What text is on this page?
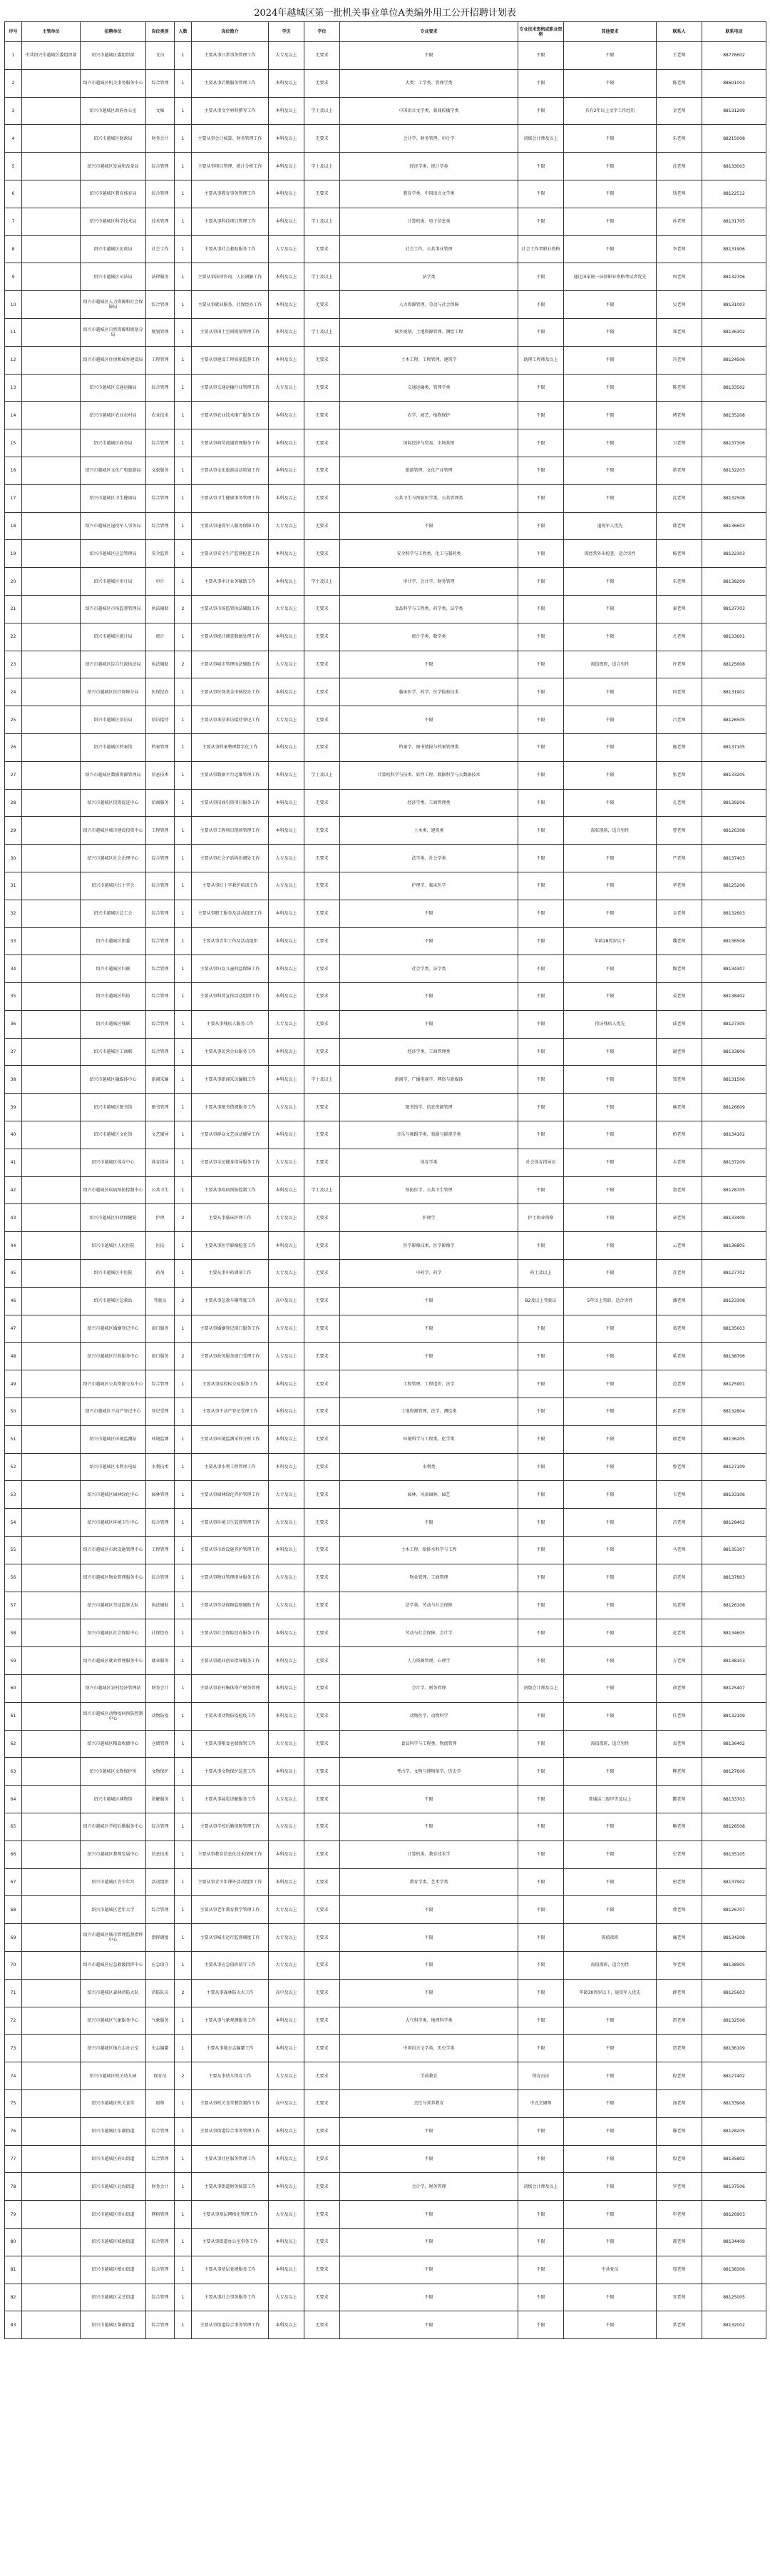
2024年越城区第一批机关事业单位A类编外用工公开招聘计划表
序号	主管单位	招聘单位	岗位类别	人数	岗位简介	学历	学位	专业要求	专业技术资格或职业资格	其他要求	联系人	联系电话
1	中共绍兴市越城区委组织部	绍兴市越城区委组织部	文员	1	主要从事日常事务管理工作	大专及以上	无要求	不限	不限	不限	王老师	88776602
2		绍兴市越城区机关事务服务中心	综合管理	1	主要从事后勤服务管理工作	本科及以上	无要求	大类：工学类、管理学类	不限	不限	陈老师	88601003
3		绍兴市越城区政府办公室	文秘	1	主要从事文字材料撰写工作	本科及以上	学士及以上	中国语言文学类、新闻传播学类	不限	具有2年以上文字工作经历	金老师	88131209
4		绍兴市越城区财政局	财务会计	1	主要从事会计核算、财务管理工作	本科及以上	无要求	会计学、财务管理、审计学	初级会计师及以上	不限	朱老师	88215008
5		绍兴市越城区发展和改革局	综合管理	1	主要从事项目管理、统计分析工作	本科及以上	学士及以上	经济学类、统计学类	不限	不限	沈老师	88133003
6		绍兴市越城区教育体育局	综合管理	1	主要从事教育事务管理工作	本科及以上	无要求	教育学类、中国语言文学类	不限	不限	钱老师	88122512
7		绍兴市越城区科学技术局	技术管理	1	主要从事科技项目管理工作	本科及以上	学士及以上	计算机类、电子信息类	不限	不限	孙老师	88131705
8		绍兴市越城区民政局	社会工作	1	主要从事社会救助服务工作	大专及以上	无要求	社会工作、公共事业管理	社会工作者职业资格	不限	李老师	88131906
9		绍兴市越城区司法局	法律服务	1	主要从事法律咨询、人民调解工作	本科及以上	学士及以上	法学类	不限	通过国家统一法律职业资格考试者优先	周老师	88132706
10		绍兴市越城区人力资源和社会保障局	综合管理	1	主要从事就业服务、社保经办工作	本科及以上	无要求	人力资源管理、劳动与社会保障	不限	不限	吴老师	88131003
11		绍兴市越城区自然资源和规划分局	规划管理	1	主要从事国土空间规划管理工作	本科及以上	学士及以上	城乡规划、土地资源管理、测绘工程	不限	不限	郑老师	88136302
12		绍兴市越城区住房和城乡建设局	工程管理	1	主要从事建设工程质量监督工作	本科及以上	无要求	土木工程、工程管理、建筑学	助理工程师及以上	不限	冯老师	88124506
13		绍兴市越城区交通运输局	综合管理	1	主要从事交通运输行业管理工作	大专及以上	无要求	交通运输类、管理学类	不限	不限	陈老师	88133502
14		绍兴市越城区农业农村局	农业技术	1	主要从事农业技术推广服务工作	本科及以上	无要求	农学、园艺、植物保护	不限	不限	褚老师	88135208
15		绍兴市越城区商务局	综合管理	1	主要从事商贸流通管理服务工作	本科及以上	无要求	国际经济与贸易、市场营销	不限	不限	卫老师	88137306
16		绍兴市越城区文化广电旅游局	文旅服务	1	主要从事文化旅游活动策划工作	本科及以上	无要求	旅游管理、文化产业管理	不限	不限	蒋老师	88132203
17		绍兴市越城区卫生健康局	综合管理	1	主要从事卫生健康事务管理工作	本科及以上	无要求	公共卫生与预防医学类、公共管理类	不限	不限	沈老师	88132508
18		绍兴市越城区退役军人事务局	综合管理	1	主要从事退役军人服务保障工作	大专及以上	无要求	不限	不限	退役军人优先	韩老师	88136603
19		绍兴市越城区应急管理局	安全监管	1	主要从事安全生产监督检查工作	本科及以上	无要求	安全科学与工程类、化工与制药类	不限	需经常外出检查，适合男性	杨老师	88122303
20		绍兴市越城区审计局	审计	1	主要从事审计业务辅助工作	本科及以上	学士及以上	审计学、会计学、财务管理	不限	不限	朱老师	88138209
21		绍兴市越城区市场监督管理局	执法辅助	2	主要从事市场监管执法辅助工作	大专及以上	无要求	食品科学与工程类、药学类、法学类	不限	不限	秦老师	88137703
22		绍兴市越城区统计局	统计	1	主要从事统计调查数据处理工作	本科及以上	无要求	统计学类、数学类	不限	不限	尤老师	88133601
23		绍兴市越城区综合行政执法局	执法辅助	2	主要从事城市管理执法辅助工作	大专及以上	无要求	不限	不限	需值夜班，适合男性	许老师	88125608
24		绍兴市越城区医疗保障分局	医保经办	1	主要从事医保基金审核经办工作	本科及以上	无要求	临床医学、药学、医学检验技术	不限	不限	何老师	88131902
25		绍兴市越城区信访局	信访接待	1	主要从事来信来访接待登记工作	大专及以上	无要求	不限	不限	不限	吕老师	88126505
26		绍兴市越城区档案馆	档案管理	1	主要从事档案整理数字化工作	本科及以上	无要求	档案学、图书情报与档案管理类	不限	不限	施老师	88137105
27		绍兴市越城区数据资源管理局	信息技术	1	主要从事数据平台运维管理工作	本科及以上	学士及以上	计算机科学与技术、软件工程、数据科学与大数据技术	不限	不限	张老师	88133205
28		绍兴市越城区投资促进中心	招商服务	1	主要从事招商引资项目服务工作	本科及以上	无要求	经济学类、工商管理类	不限	不限	孔老师	88139206
29		绍兴市越城区城市建设投资中心	工程管理	1	主要从事工程项目现场管理工作	本科及以上	无要求	土木类、建筑类	不限	需驻现场，适合男性	曹老师	88126308
30		绍兴市越城区社会治理中心	综合管理	1	主要从事社会矛盾纠纷调处工作	大专及以上	无要求	法学类、社会学类	不限	不限	严老师	88137403
31		绍兴市越城区红十字会	综合管理	1	主要从事红十字救护培训工作	大专及以上	无要求	护理学、临床医学	不限	不限	华老师	88125206
32		绍兴市越城区总工会	综合管理	1	主要从事职工服务及活动组织工作	本科及以上	无要求	不限	不限	不限	金老师	88132603
33		绍兴市越城区团委	综合管理	1	主要从事青年工作及活动组织	本科及以上	无要求	不限	不限	年龄28周岁以下	魏老师	88136508
34		绍兴市越城区妇联	综合管理	1	主要从事妇女儿童权益保障工作	本科及以上	无要求	社会学类、法学类	不限	不限	陶老师	88134307
35		绍兴市越城区科协	综合管理	1	主要从事科普宣传活动组织工作	本科及以上	无要求	不限	不限	不限	姜老师	88138402
36		绍兴市越城区残联	综合管理	1	主要从事残疾人服务工作	大专及以上	无要求	不限	不限	持证残疾人优先	戚老师	88127305
37		绍兴市越城区工商联	综合管理	1	主要从事民营企业服务工作	本科及以上	无要求	经济学类、工商管理类	不限	不限	谢老师	88133806
38		绍兴市越城区融媒体中心	新闻采编	1	主要从事新闻采访编辑工作	本科及以上	学士及以上	新闻学、广播电视学、网络与新媒体	不限	不限	邹老师	88131506
39		绍兴市越城区图书馆	图书管理	1	主要从事图书借阅服务工作	大专及以上	无要求	图书馆学、信息资源管理	不限	不限	喻老师	88126609
40		绍兴市越城区文化馆	文艺辅导	1	主要从事群众文艺活动辅导工作	本科及以上	无要求	音乐与舞蹈学类、戏剧与影视学类	不限	不限	柏老师	88134102
41		绍兴市越城区体育中心	体育指导	1	主要从事全民健身指导服务工作	大专及以上	无要求	体育学类	社会体育指导员	不限	水老师	88137209
42		绍兴市越城区疾病预防控制中心	公共卫生	1	主要从事疾病预防控制工作	本科及以上	学士及以上	预防医学、公共卫生管理	不限	不限	窦老师	88128705
43		绍兴市越城区妇幼保健院	护理	2	主要从事临床护理工作	大专及以上	无要求	护理学	护士执业资格	不限	章老师	88133409
44		绍兴市越城区人民医院	医技	1	主要从事医学影像检查工作	本科及以上	无要求	医学影像技术、医学影像学	不限	不限	云老师	88136805
45		绍兴市越城区中医院	药剂	1	主要从事中药调剂工作	大专及以上	无要求	中药学、药学	药士及以上	不限	苏老师	88127702
46		绍兴市越城区急救站	驾驶员	2	主要从事急救车辆驾驶工作	高中及以上	无要求	不限	B2及以上驾驶证	5年以上驾龄，适合男性	潘老师	88123308
47		绍兴市越城区婚姻登记中心	窗口服务	1	主要从事婚姻登记窗口服务工作	大专及以上	无要求	不限	不限	不限	葛老师	88135603
48		绍兴市越城区行政服务中心	窗口服务	2	主要从事政务服务窗口受理工作	大专及以上	无要求	不限	不限	不限	奚老师	88138706
49		绍兴市越城区公共资源交易中心	综合管理	1	主要从事招投标交易服务工作	本科及以上	无要求	工程管理、工程造价、法学	不限	不限	范老师	88125901
50		绍兴市越城区不动产登记中心	登记受理	1	主要从事不动产登记受理工作	本科及以上	无要求	土地资源管理、法学、测绘类	不限	不限	彭老师	88132804
51		绍兴市越城区环境监测站	环境监测	1	主要从事环境监测采样分析工作	本科及以上	无要求	环境科学与工程类、化学类	不限	不限	郎老师	88136205
52		绍兴市越城区水利水电站	水利技术	1	主要从事水利工程管理工作	本科及以上	无要求	水利类	不限	不限	鲁老师	88127109
53		绍兴市越城区园林绿化中心	园林管理	1	主要从事园林绿化养护管理工作	大专及以上	无要求	园林、风景园林、园艺	不限	不限	韦老师	88133106
54		绍兴市越城区环境卫生中心	综合管理	1	主要从事环境卫生监督管理工作	大专及以上	无要求	不限	不限	不限	昌老师	88128402
55		绍兴市越城区市政设施管理中心	工程管理	1	主要从事市政设施养护管理工作	本科及以上	无要求	土木工程、给排水科学与工程	不限	不限	马老师	88135307
56		绍兴市越城区物业管理服务中心	综合管理	1	主要从事物业管理指导服务工作	大专及以上	无要求	物业管理、工商管理	不限	不限	苗老师	88137803
57		绍兴市越城区劳动监察大队	执法辅助	1	主要从事劳动保障监察辅助工作	大专及以上	无要求	法学类、劳动与社会保障	不限	不限	凤老师	88126108
58		绍兴市越城区社会保险中心	社保经办	1	主要从事社会保险经办服务工作	本科及以上	无要求	劳动与社会保障、会计学	不限	不限	花老师	88134605
59		绍兴市越城区就业管理服务中心	就业服务	1	主要从事就业创业指导服务工作	本科及以上	无要求	人力资源管理、心理学	不限	不限	方老师	88138103
60		绍兴市越城区农村经济管理站	财务会计	1	主要从事农村集体资产财务管理	本科及以上	无要求	会计学、财务管理	初级会计师及以上	不限	俞老师	88125407
61		绍兴市越城区动物疫病预防控制中心	动物防疫	1	主要从事动物防疫检疫工作	本科及以上	无要求	动物医学、动物科学	不限	不限	任老师	88132109
62		绍兴市越城区粮食收储中心	仓储管理	1	主要从事粮食仓储保管工作	大专及以上	无要求	食品科学与工程类、物流管理	不限	需值夜班，适合男性	袁老师	88136402
63		绍兴市越城区文物保护所	文物保护	1	主要从事文物保护巡查工作	本科及以上	无要求	考古学、文物与博物馆学、历史学	不限	不限	柳老师	88127606
64		绍兴市越城区博物馆	讲解服务	1	主要从事展览讲解服务工作	大专及以上	无要求	不限	不限	普通话二级甲等及以上	酆老师	88133703
65		绍兴市越城区学校后勤服务中心	综合管理	1	主要从事学校后勤保障管理工作	大专及以上	无要求	不限	不限	不限	鲍老师	88128508
66		绍兴市越城区教师发展中心	信息技术	1	主要从事教育信息化技术保障工作	本科及以上	无要求	计算机类、教育技术学	不限	不限	史老师	88135105
67		绍兴市越城区青少年宫	活动组织	1	主要从事青少年课外活动组织工作	本科及以上	无要求	教育学类、艺术学类	不限	不限	唐老师	88137902
68		绍兴市越城区老年大学	综合管理	1	主要从事老年教育教学管理工作	大专及以上	无要求	不限	不限	不限	费老师	88126707
69		绍兴市越城区城市管理监督指挥中心	指挥调度	1	主要从事城市运行监督调度工作	大专及以上	无要求	不限	不限	需值夜班	廉老师	88134208
70		绍兴市越城区应急救援指挥中心	应急值守	1	主要从事应急值班值守工作	大专及以上	无要求	不限	不限	需值夜班，适合男性	岑老师	88138905
71		绍兴市越城区森林消防大队	消防队员	2	主要从事森林防灭火工作	高中及以上	无要求	不限	不限	年龄30周岁以下，退役军人优先	薛老师	88125603
72		绍兴市越城区气象服务中心	气象服务	1	主要从事气象观测服务工作	本科及以上	无要求	大气科学类、地理科学类	不限	不限	雷老师	88132506
73		绍兴市越城区地方志办公室	史志编纂	1	主要从事地方志编纂工作	本科及以上	无要求	中国语言文学类、历史学类	不限	不限	贺老师	88136109
74		绍兴市越城区机关幼儿园	保育员	2	主要从事幼儿保育工作	大专及以上	无要求	学前教育	保育员证	不限	倪老师	88127402
75		绍兴市越城区机关食堂	厨师	1	主要从事机关食堂餐饮制作工作	高中及以上	无要求	烹饪与营养教育	中式烹调师	不限	汤老师	88133908
76		绍兴市越城区东湖街道	综合管理	1	主要从事街道综合事务管理工作	本科及以上	无要求	不限	不限	不限	滕老师	88128205
77		绍兴市越城区府山街道	综合管理	1	主要从事社区服务管理工作	本科及以上	无要求	不限	不限	不限	殷老师	88135802
78		绍兴市越城区北海街道	财务会计	1	主要从事街道财务核算工作	本科及以上	无要求	会计学、财务管理	初级会计师及以上	不限	罗老师	88137506
79		绍兴市越城区塔山街道	网格管理	1	主要从事基层网格化管理工作	大专及以上	无要求	不限	不限	不限	毕老师	88126903
80		绍兴市越城区城南街道	综合管理	1	主要从事街道办公室事务工作	本科及以上	无要求	不限	不限	不限	郝老师	88134409
81		绍兴市越城区稽山街道	综合管理	1	主要从事基层党建服务工作	本科及以上	无要求	不限	不限	中共党员	邬老师	88138306
82		绍兴市越城区灵芝街道	综合管理	1	主要从事社会事务服务工作	大专及以上	无要求	不限	不限	不限	安老师	88125005
83		绍兴市越城区鉴湖街道	综合管理	1	主要从事街道综合事务管理工作	本科及以上	无要求	不限	不限	不限	常老师	88132002
